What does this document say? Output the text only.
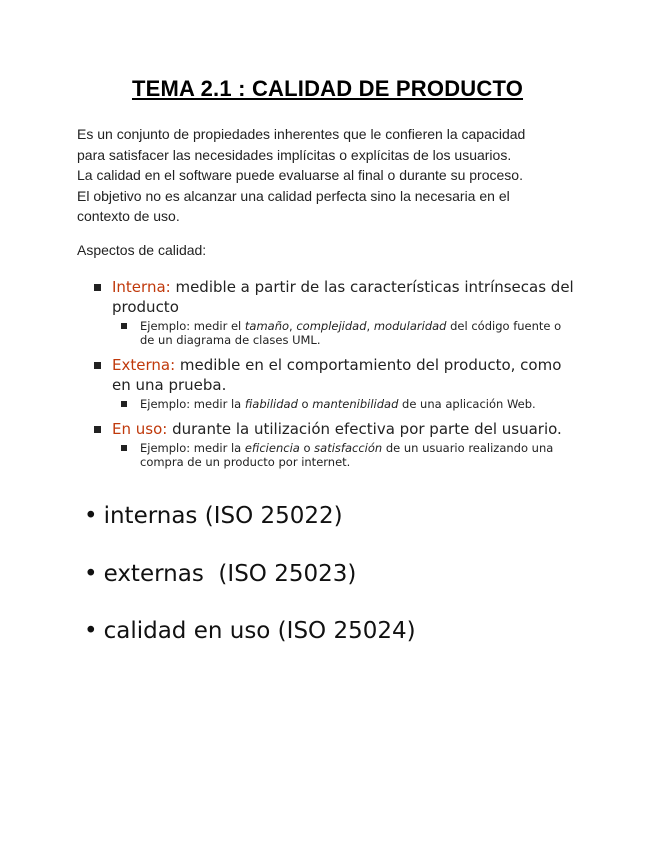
TEMA 2.1 : CALIDAD DE PRODUCTO
Es un conjunto de propiedades inherentes que le confieren la capacidad
para satisfacer las necesidades implícitas o explícitas de los usuarios.
La calidad en el software puede evaluarse al final o durante su proceso.
El objetivo no es alcanzar una calidad perfecta sino la necesaria en el
contexto de uso.
Aspectos de calidad:
Interna: medible a partir de las características intrínsecas del producto
Ejemplo: medir el tamaño, complejidad, modularidad del código fuente o de un diagrama de clases UML.
Externa: medible en el comportamiento del producto, como en una prueba.
Ejemplo: medir la fiabilidad o mantenibilidad de una aplicación Web.
En uso: durante la utilización efectiva por parte del usuario.
Ejemplo: medir la eficiencia o satisfacción de un usuario realizando una compra de un producto por internet.
• internas (ISO 25022)
• externas  (ISO 25023)
• calidad en uso (ISO 25024)
